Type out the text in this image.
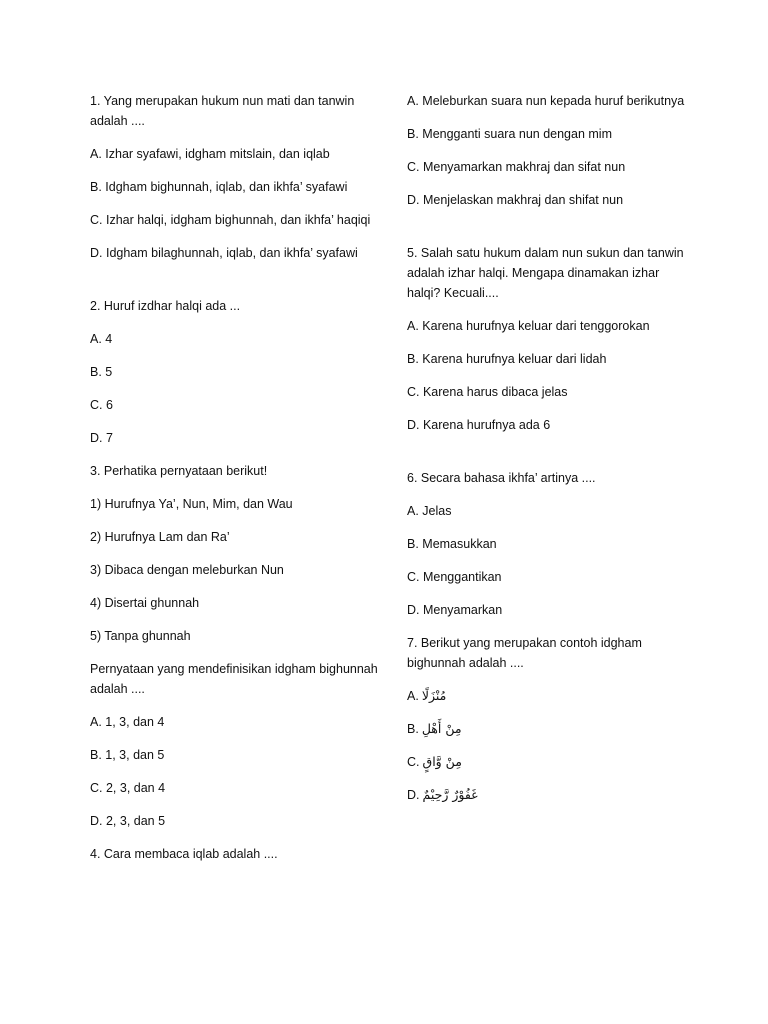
1. Yang merupakan hukum nun mati dan tanwin adalah ....

A. Izhar syafawi, idgham mitslain, dan iqlab

B. Idgham bighunnah, iqlab, dan ikhfa’ syafawi

C. Izhar halqi, idgham bighunnah, dan ikhfa’ haqiqi

D. Idgham bilaghunnah, iqlab, dan ikhfa’ syafawi

2. Huruf izdhar halqi ada ...

A. 4

B. 5

C. 6

D. 7

3. Perhatika pernyataan berikut!

1) Hurufnya Ya’, Nun, Mim, dan Wau

2) Hurufnya Lam dan Ra’

3) Dibaca dengan meleburkan Nun

4) Disertai ghunnah

5) Tanpa ghunnah

Pernyataan yang mendefinisikan idgham bighunnah adalah ....

A. 1, 3, dan 4

B. 1, 3, dan 5

C. 2, 3, dan 4

D. 2, 3, dan 5

4. Cara membaca iqlab adalah ....

A. Meleburkan suara nun kepada huruf berikutnya

B. Mengganti suara nun dengan mim

C. Menyamarkan makhraj dan sifat nun

D. Menjelaskan makhraj dan shifat nun

5. Salah satu hukum dalam nun sukun dan tanwin adalah izhar halqi. Mengapa dinamakan izhar halqi? Kecuali....

A. Karena hurufnya keluar dari tenggorokan

B. Karena hurufnya keluar dari lidah

C. Karena harus dibaca jelas

D. Karena hurufnya ada 6

6. Secara bahasa ikhfa’ artinya ....

A. Jelas

B. Memasukkan

C. Menggantikan

D. Menyamarkan

7. Berikut yang merupakan contoh idgham bighunnah adalah ....

A. مُنْزَلًا

B. مِنْ أَهْلِ

C. مِنْ وَّاقٍ

D. غَفُوْرٌ رَّحِيْمٌ
